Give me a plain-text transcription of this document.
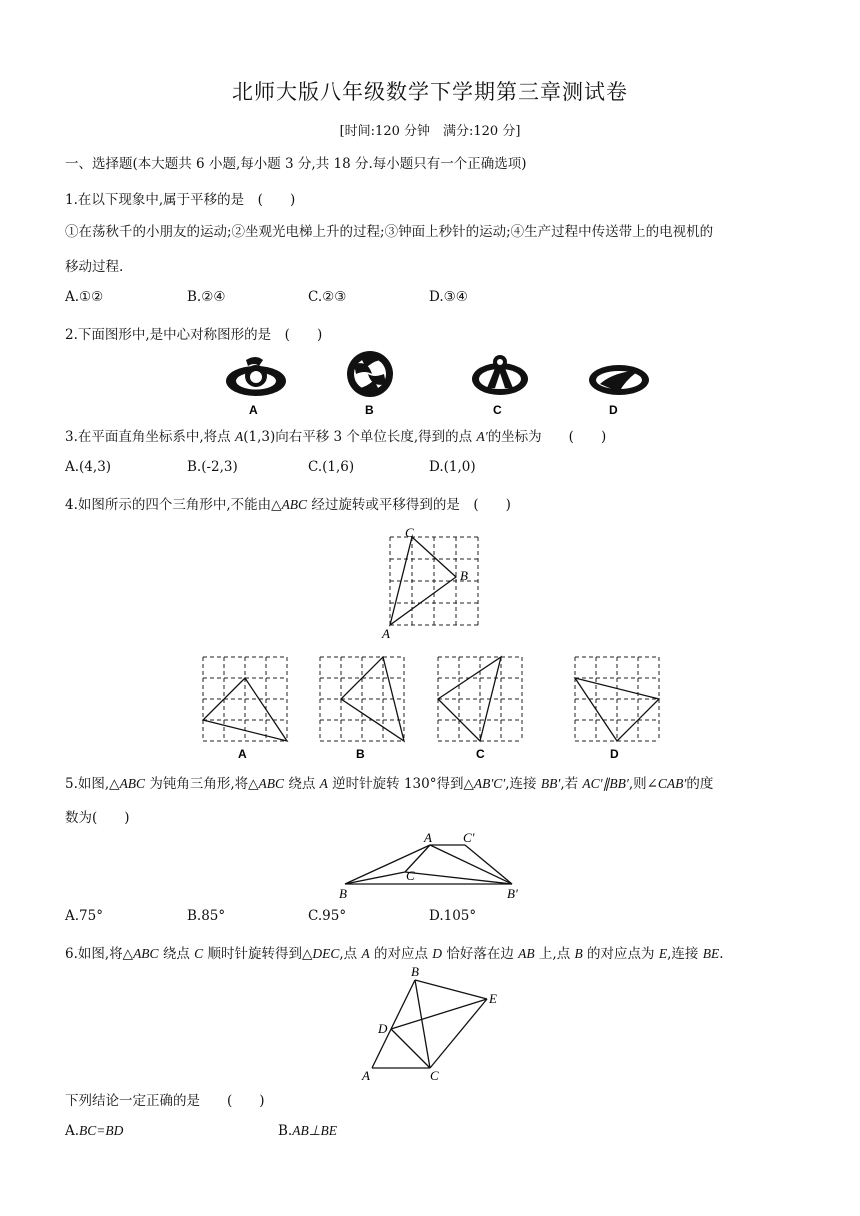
北师大版八年级数学下学期第三章测试卷
[时间:120 分钟　满分:120 分]
一、选择题(本大题共 6 小题,每小题 3 分,共 18 分.每小题只有一个正确选项)
1.在以下现象中,属于平移的是　(　　)
①在荡秋千的小朋友的运动;②坐观光电梯上升的过程;③钟面上秒针的运动;④生产过程中传送带上的电视机的
移动过程.
A.①②	B.②④	C.②③	D.③④
2.下面图形中,是中心对称图形的是　(　　)
A	B	C	D
3.在平面直角坐标系中,将点 A(1,3)向右平移 3 个单位长度,得到的点 A′的坐标为　　(　　)
A.(4,3)	B.(-2,3)	C.(1,6)	D.(1,0)
4.如图所示的四个三角形中,不能由△ABC 经过旋转或平移得到的是　(　　)
C
B
A
A	B	C	D
5.如图,△ABC 为钝角三角形,将△ABC 绕点 A 逆时针旋转 130°得到△AB′C′,连接 BB′,若 AC′∥BB′,则∠CAB′的度
数为(　　)
A C′
C
B	B′
A.75°	B.85°	C.95°	D.105°
6.如图,将△ABC 绕点 C 顺时针旋转得到△DEC,点 A 的对应点 D 恰好落在边 AB 上,点 B 的对应点为 E,连接 BE.
B
E
D
A	C
下列结论一定正确的是　　(　　)
A.BC=BD	B.AB⊥BE
